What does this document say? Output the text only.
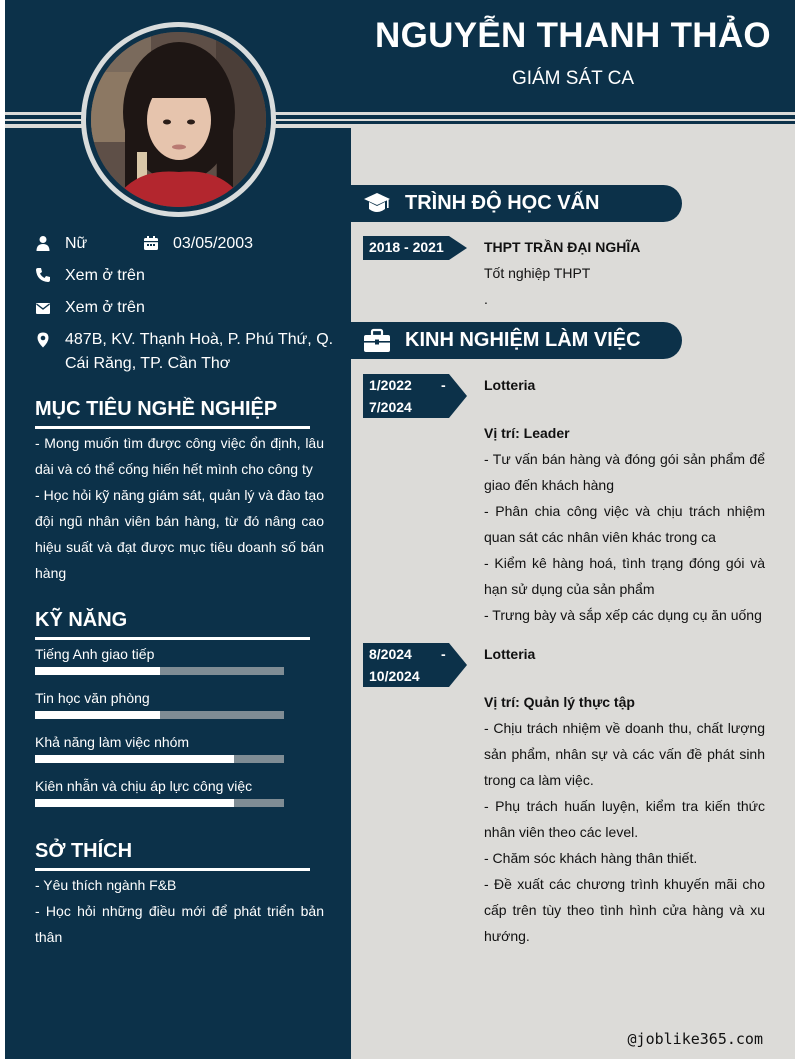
NGUYỄN THANH THẢO
GIÁM SÁT CA
Nữ	03/05/2003
Xem ở trên
Xem ở trên
487B, KV. Thạnh Hoà, P. Phú Thứ, Q.
Cái Răng, TP. Cần Thơ
MỤC TIÊU NGHỀ NGHIỆP
- Mong muốn tìm được công việc ổn định, lâu dài và có thể cống hiến hết mình cho công ty
- Học hỏi kỹ năng giám sát, quản lý và đào tạo đội ngũ nhân viên bán hàng, từ đó nâng cao hiệu suất và đạt được mục tiêu doanh số bán hàng
KỸ NĂNG
Tiếng Anh giao tiếp
Tin học văn phòng
Khả năng làm việc nhóm
Kiên nhẫn và chịu áp lực công việc
SỞ THÍCH
- Yêu thích ngành F&B
- Học hỏi những điều mới để phát triển bản thân
TRÌNH ĐỘ HỌC VẤN
2018 - 2021	THPT TRẦN ĐẠI NGHĨA
Tốt nghiệp THPT
.
KINH NGHIỆM LÀM VIỆC
1/2022 -
7/2024
Lotteria
Vị trí: Leader
- Tư vấn bán hàng và đóng gói sản phẩm để giao đến khách hàng
- Phân chia công việc và chịu trách nhiệm quan sát các nhân viên khác trong ca
- Kiểm kê hàng hoá, tình trạng đóng gói và hạn sử dụng của sản phẩm
- Trưng bày và sắp xếp các dụng cụ ăn uống
8/2024 -
10/2024
Lotteria
Vị trí: Quản lý thực tập
- Chịu trách nhiệm về doanh thu, chất lượng sản phẩm, nhân sự và các vấn đề phát sinh trong ca làm việc.
- Phụ trách huấn luyện, kiểm tra kiến thức nhân viên theo các level.
- Chăm sóc khách hàng thân thiết.
- Đề xuất các chương trình khuyến mãi cho cấp trên tùy theo tình hình cửa hàng và xu hướng.
@joblike365.com
